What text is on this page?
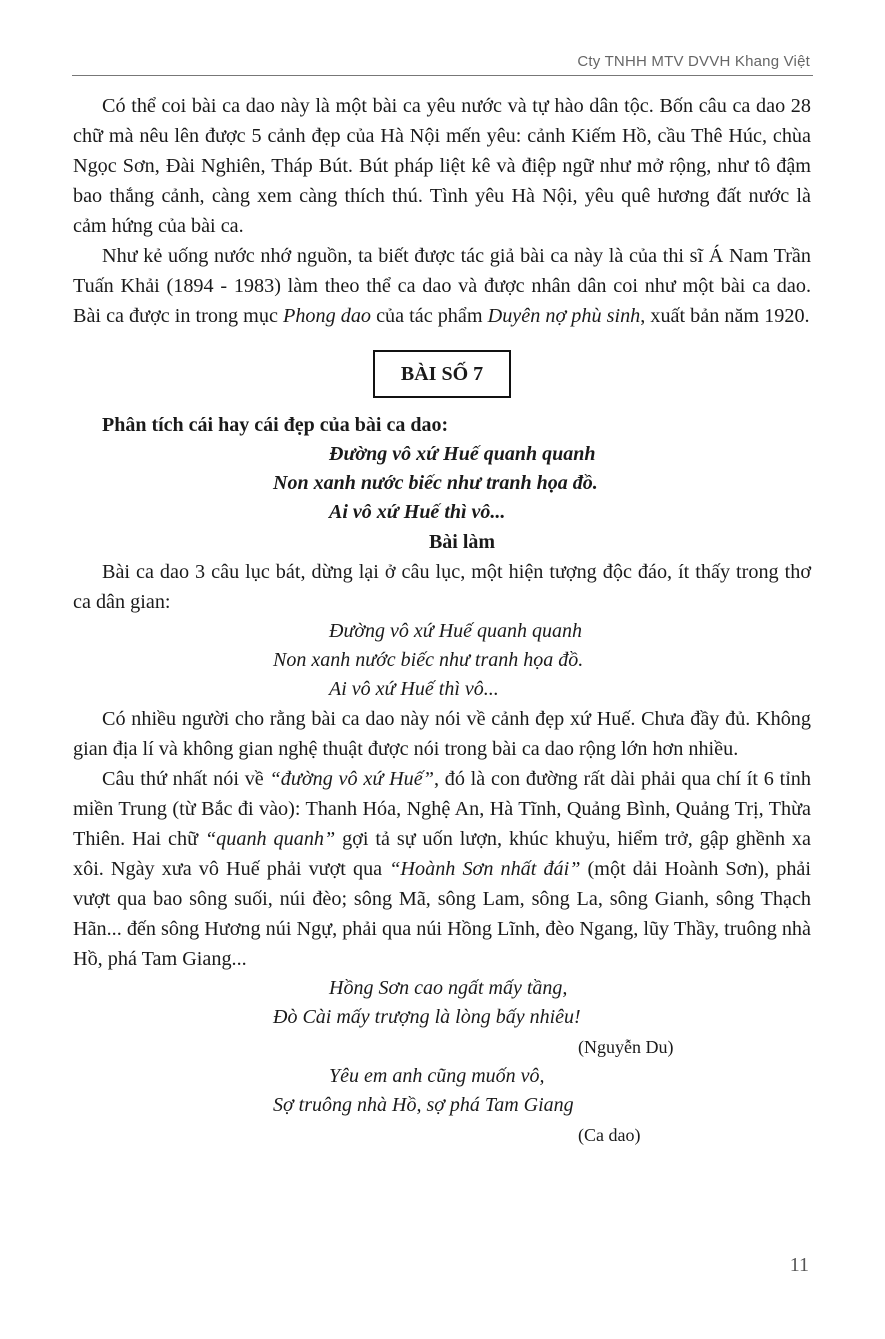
Cty TNHH MTV DVVH Khang Việt

Có thể coi bài ca dao này là một bài ca yêu nước và tự hào dân tộc. Bốn câu ca dao 28 chữ mà nêu lên được 5 cảnh đẹp của Hà Nội mến yêu: cảnh Kiếm Hồ, cầu Thê Húc, chùa Ngọc Sơn, Đài Nghiên, Tháp Bút. Bút pháp liệt kê và điệp ngữ như mở rộng, như tô đậm bao thắng cảnh, càng xem càng thích thú. Tình yêu Hà Nội, yêu quê hương đất nước là cảm hứng của bài ca.

Như kẻ uống nước nhớ nguồn, ta biết được tác giả bài ca này là của thi sĩ Á Nam Trần Tuấn Khải (1894 - 1983) làm theo thể ca dao và được nhân dân coi như một bài ca dao. Bài ca được in trong mục Phong dao của tác phẩm Duyên nợ phù sinh, xuất bản năm 1920.

BÀI SỐ 7
Phân tích cái hay cái đẹp của bài ca dao:
Đường vô xứ Huế quanh quanh
Non xanh nước biếc như tranh họa đồ.
Ai vô xứ Huế thì vô...
Bài làm

Bài ca dao 3 câu lục bát, dừng lại ở câu lục, một hiện tượng độc đáo, ít thấy trong thơ ca dân gian:

Đường vô xứ Huế quanh quanh
Non xanh nước biếc như tranh họa đồ.
Ai vô xứ Huế thì vô...

Có nhiều người cho rằng bài ca dao này nói về cảnh đẹp xứ Huế. Chưa đầy đủ. Không gian địa lí và không gian nghệ thuật được nói trong bài ca dao rộng lớn hơn nhiều.

Câu thứ nhất nói về “đường vô xứ Huế”, đó là con đường rất dài phải qua chí ít 6 tỉnh miền Trung (từ Bắc đi vào): Thanh Hóa, Nghệ An, Hà Tĩnh, Quảng Bình, Quảng Trị, Thừa Thiên. Hai chữ “quanh quanh” gợi tả sự uốn lượn, khúc khuỷu, hiểm trở, gập ghềnh xa xôi. Ngày xưa vô Huế phải vượt qua “Hoành Sơn nhất đái” (một dải Hoành Sơn), phải vượt qua bao sông suối, núi đèo; sông Mã, sông Lam, sông La, sông Gianh, sông Thạch Hãn... đến sông Hương núi Ngự, phải qua núi Hồng Lĩnh, đèo Ngang, lũy Thầy, truông nhà Hồ, phá Tam Giang...

Hồng Sơn cao ngất mấy tầng,
Đò Cài mấy trượng là lòng bấy nhiêu!
(Nguyễn Du)
Yêu em anh cũng muốn vô,
Sợ truông nhà Hồ, sợ phá Tam Giang
(Ca dao)
11
